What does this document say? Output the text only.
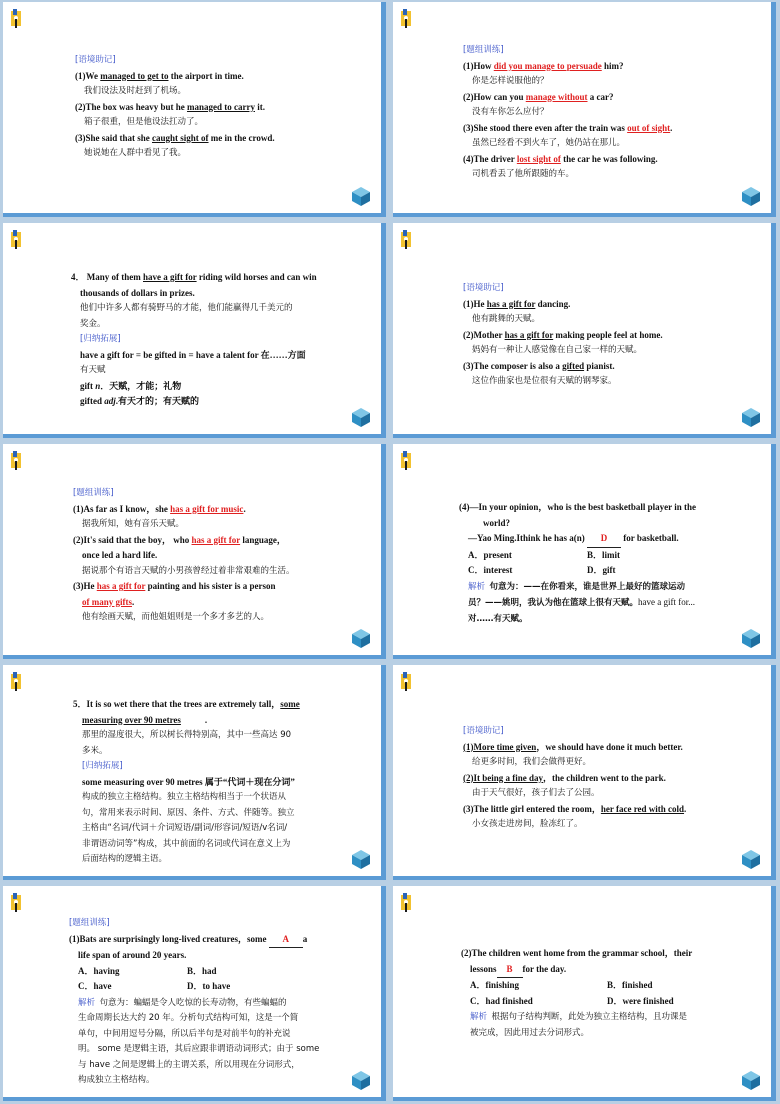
[语境助记]
(1)We managed to get to the airport in time.
我们设法及时赶到了机场。
(2)The box was heavy but he managed to carry it.
箱子很重，但是他设法扛动了。
(3)She said that she caught sight of me in the crowd.
她说她在人群中看见了我。
[题组训练]
(1)How did you manage to persuade him?
你是怎样说服他的？
(2)How can you manage without a car?
没有车你怎么应付？
(3)She stood there even after the train was out of sight.
虽然已经看不到火车了，她仍站在那儿。
(4)The driver lost sight of the car he was following.
司机看丢了他所跟随的车。
4． Many of them have a gift for riding wild horses and can win
thousands of dollars in prizes.
他们中许多人都有骑野马的才能，他们能赢得几千美元的
奖金。
[归纳拓展]
have a gift for = be gifted in = have a talent for 在……方面
有天赋
gift n．天赋，才能；礼物
gifted adj.有天才的；有天赋的
[语境助记]
(1)He has a gift for dancing.
他有跳舞的天赋。
(2)Mother has a gift for making people feel at home.
妈妈有一种让人感觉像在自己家一样的天赋。
(3)The composer is also a gifted pianist.
这位作曲家也是位很有天赋的钢琴家。
[题组训练]
(1)As far as I know，she has a gift for music.
据我所知，她有音乐天赋。
(2)It's said that the boy， who has a gift for language，
once led a hard life.
据说那个有语言天赋的小男孩曾经过着非常艰难的生活。
(3)He has a gift for painting and his sister is a person
of many gifts.
他有绘画天赋，而他姐姐则是一个多才多艺的人。
(4)—In your opinion，who is the best basketball player in the
world?
—Yao Ming.Ithink he has a(n) D for basketball.
A．present	B．limit
C．interest	D．gift
解析 句意为：——在你看来，谁是世界上最好的篮球运动
员？——姚明，我认为他在篮球上很有天赋。have a gift for...
对……有天赋。
5．It is so wet there that the trees are extremely tall，some
measuring over 90 metres	.
那里的湿度很大，所以树长得特别高，其中一些高达 90
多米。
[归纳拓展]
some measuring over 90 metres 属于“代词＋现在分词”
构成的独立主格结构。独立主格结构相当于一个状语从
句，常用来表示时间、原因、条件、方式、伴随等。独立
主格由“名词/代词＋介词短语/副词/形容词/短语/v名词/
非谓语动词等”构成，其中前面的名词或代词在意义上为
后面结构的逻辑主语。
[语境助记]
(1)More time given，we should have done it much better.
给更多时间，我们会做得更好。
(2)It being a fine day，the children went to the park.
由于天气很好，孩子们去了公园。
(3)The little girl entered the room，her face red with cold.
小女孩走进房间，脸冻红了。
[题组训练]
(1)Bats are surprisingly long-lived creatures，some A a
life span of around 20 years.
A．having	B．had
C．have	D．to have
解析 句意为：蝙蝠是令人吃惊的长寿动物，有些蝙蝠的
生命周期长达大约 20 年。分析句式结构可知，这是一个简
单句，中间用逗号分隔，所以后半句是对前半句的补充说
明。 some 是逻辑主语，其后应跟非谓语动词形式；由于 some
与 have 之间是逻辑上的主谓关系，所以用现在分词形式，
构成独立主格结构。
(2)The children went home from the grammar school，their
lessons B for the day.
A．finishing	B．finished
C．had finished	D．were finished
解析 根据句子结构判断，此处为独立主格结构，且功课是
被完成，因此用过去分词形式。
